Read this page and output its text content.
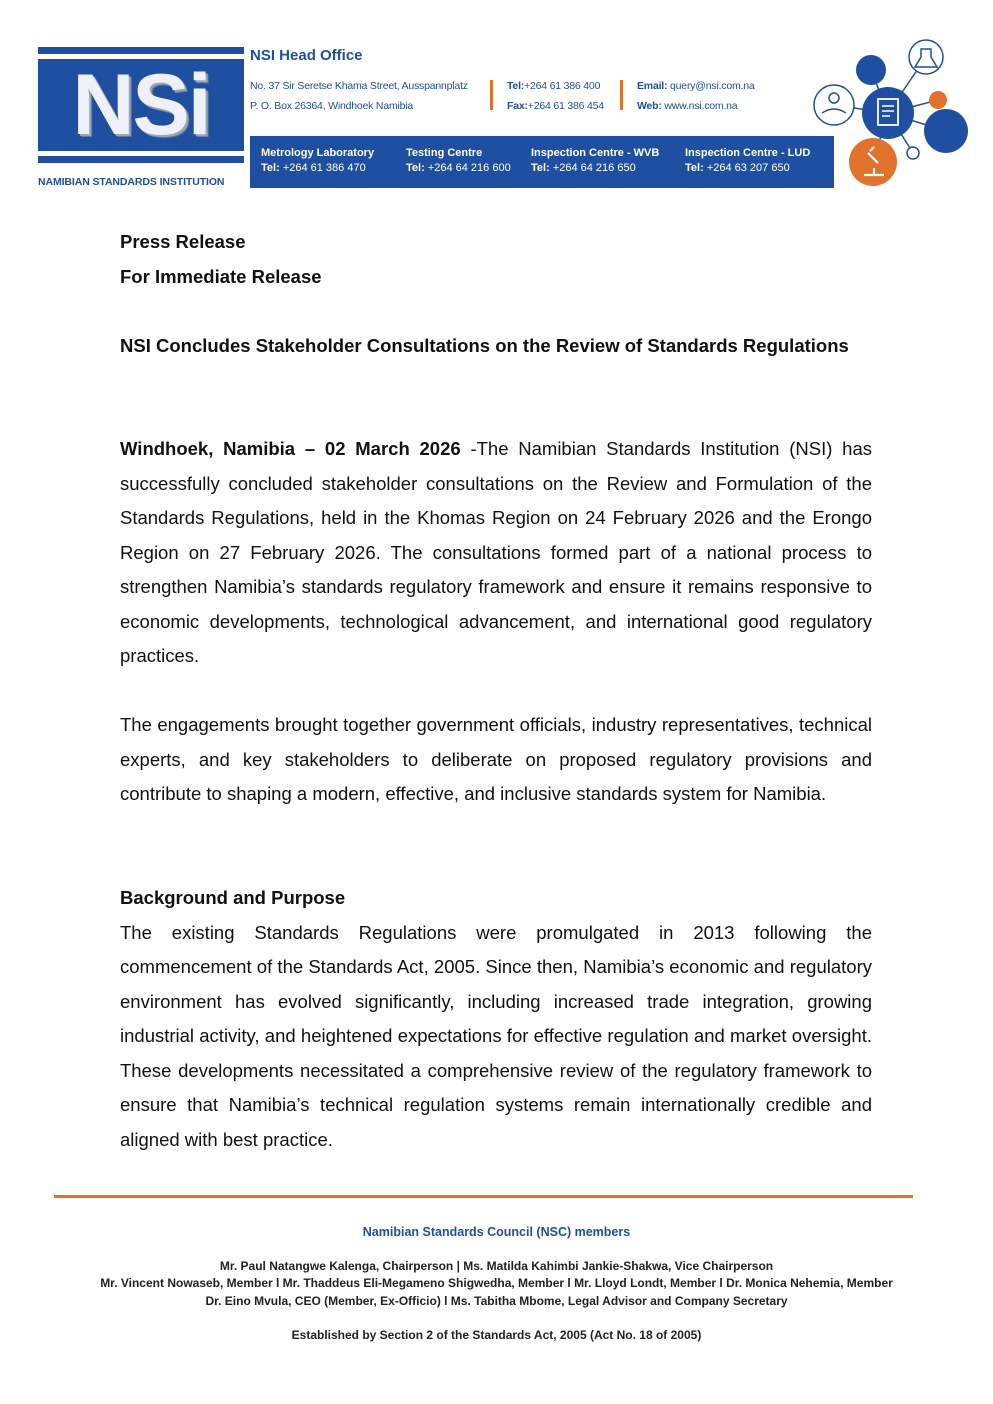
NSi
NAMIBIAN STANDARDS INSTITUTION
NSI Head Office
No. 37 Sir Seretse Khama Street, Ausspannplatz
P. O. Box 26364, Windhoek Namibia
Tel:+264 61 386 400
Fax:+264 61 386 454
Email: query@nsi.com.na
Web: www.nsi.com.na
Metrology Laboratory
Tel: +264 61 386 470
Testing Centre
Tel: +264 64 216 600
Inspection Centre - WVB
Tel: +264 64 216 650
Inspection Centre - LUD
Tel: +264 63 207 650
Press Release
For Immediate Release

NSI Concludes Stakeholder Consultations on the Review of Standards Regulations

Windhoek, Namibia – 02 March 2026 -The Namibian Standards Institution (NSI) has successfully concluded stakeholder consultations on the Review and Formulation of the Standards Regulations, held in the Khomas Region on 24 February 2026 and the Erongo Region on 27 February 2026. The consultations formed part of a national process to strengthen Namibia’s standards regulatory framework and ensure it remains responsive to economic developments, technological advancement, and international good regulatory practices.

The engagements brought together government officials, industry representatives, technical experts, and key stakeholders to deliberate on proposed regulatory provisions and contribute to shaping a modern, effective, and inclusive standards system for Namibia.

Background and Purpose

The existing Standards Regulations were promulgated in 2013 following the commencement of the Standards Act, 2005. Since then, Namibia’s economic and regulatory environment has evolved significantly, including increased trade integration, growing industrial activity, and heightened expectations for effective regulation and market oversight. These developments necessitated a comprehensive review of the regulatory framework to ensure that Namibia’s technical regulation systems remain internationally credible and aligned with best practice.

Namibian Standards Council (NSC) members
Mr. Paul Natangwe Kalenga, Chairperson | Ms. Matilda Kahimbi Jankie-Shakwa, Vice Chairperson
Mr. Vincent Nowaseb, Member l Mr. Thaddeus Eli-Megameno Shigwedha, Member l Mr. Lloyd Londt, Member l Dr. Monica Nehemia, Member
Dr. Eino Mvula, CEO (Member, Ex-Officio) l Ms. Tabitha Mbome, Legal Advisor and Company Secretary
Established by Section 2 of the Standards Act, 2005 (Act No. 18 of 2005)
